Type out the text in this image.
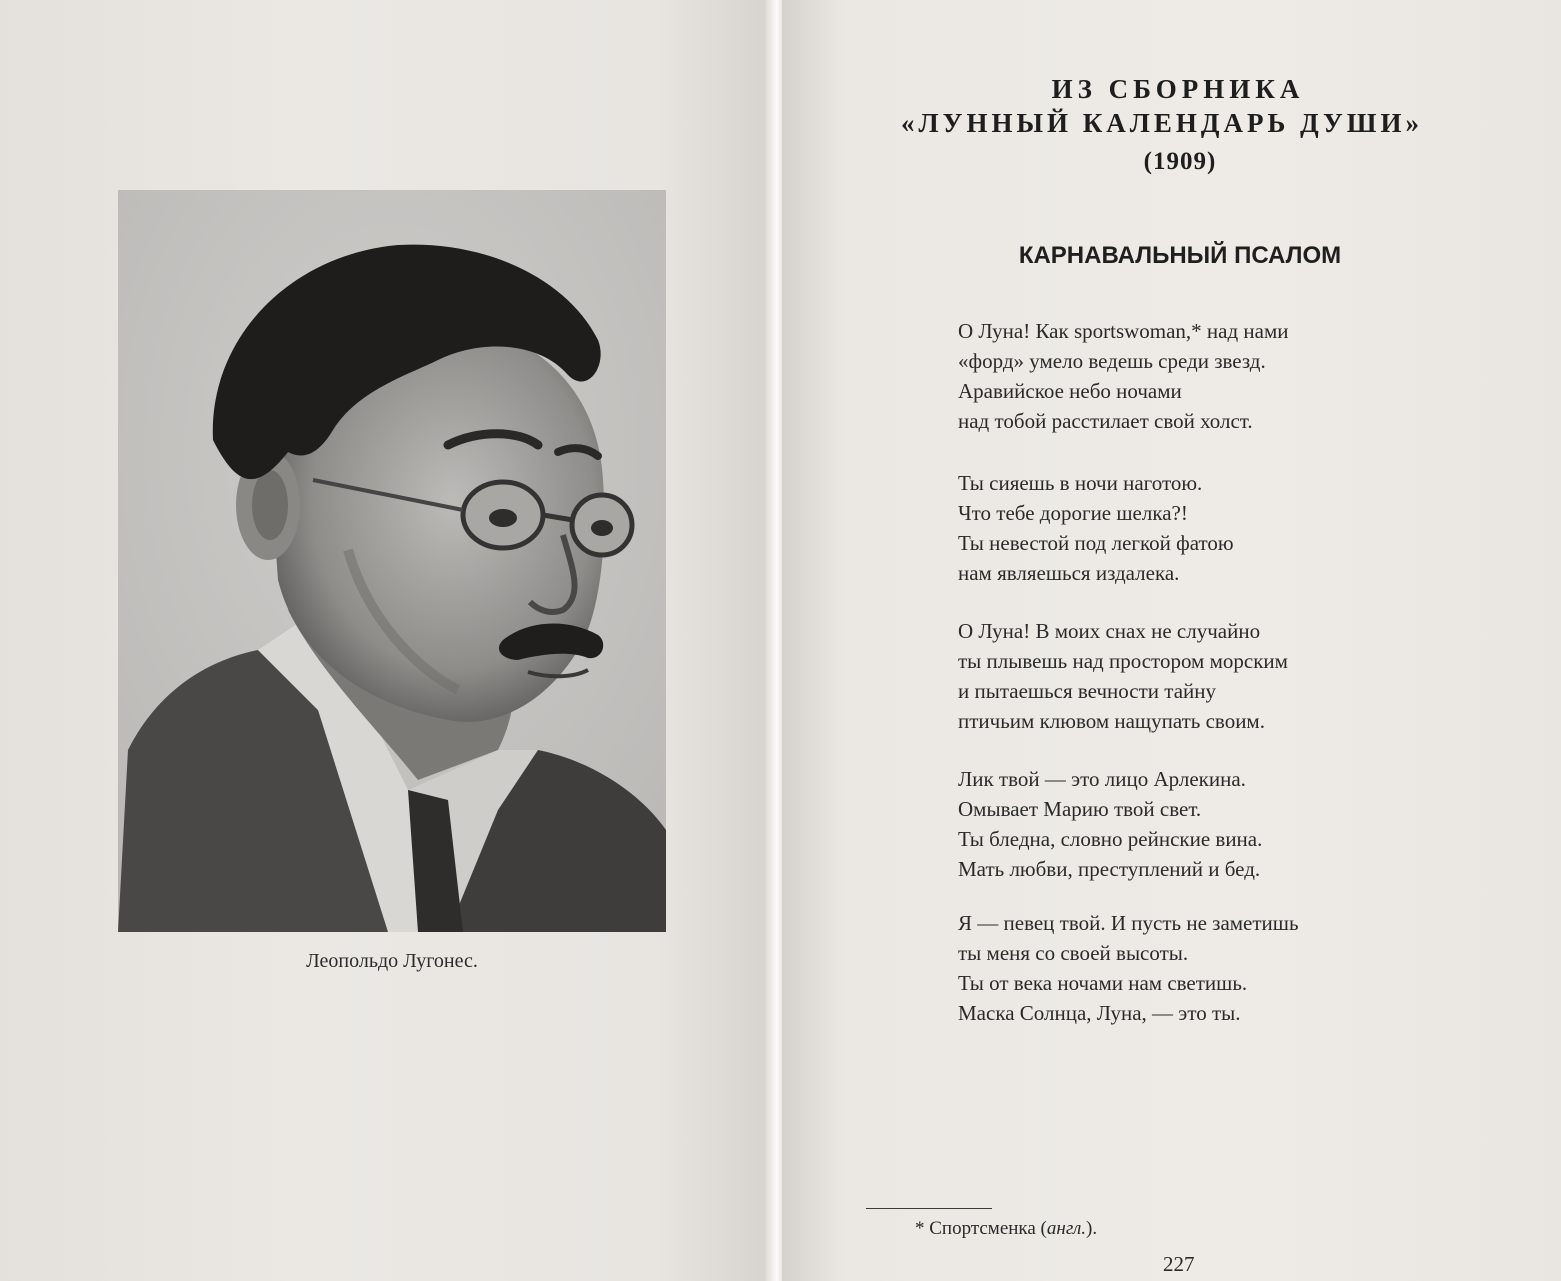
Леопольдо Лугонес.
ИЗ СБОРНИКА
«ЛУННЫЙ КАЛЕНДАРЬ ДУШИ»
(1909)
КАРНАВАЛЬНЫЙ ПСАЛОМ
О Луна! Как sportswoman,* над нами
«форд» умело ведешь среди звезд.
Аравийское небо ночами
над тобой расстилает свой холст.
Ты сияешь в ночи наготою.
Что тебе дорогие шелка?!
Ты невестой под легкой фатою
нам являешься издалека.
О Луна! В моих снах не случайно
ты плывешь над простором морским
и пытаешься вечности тайну
птичьим клювом нащупать своим.
Лик твой — это лицо Арлекина.
Омывает Марию твой свет.
Ты бледна, словно рейнские вина.
Мать любви, преступлений и бед.
Я — певец твой. И пусть не заметишь
ты меня со своей высоты.
Ты от века ночами нам светишь.
Маска Солнца, Луна, — это ты.
* Спортсменка (англ.).
227
